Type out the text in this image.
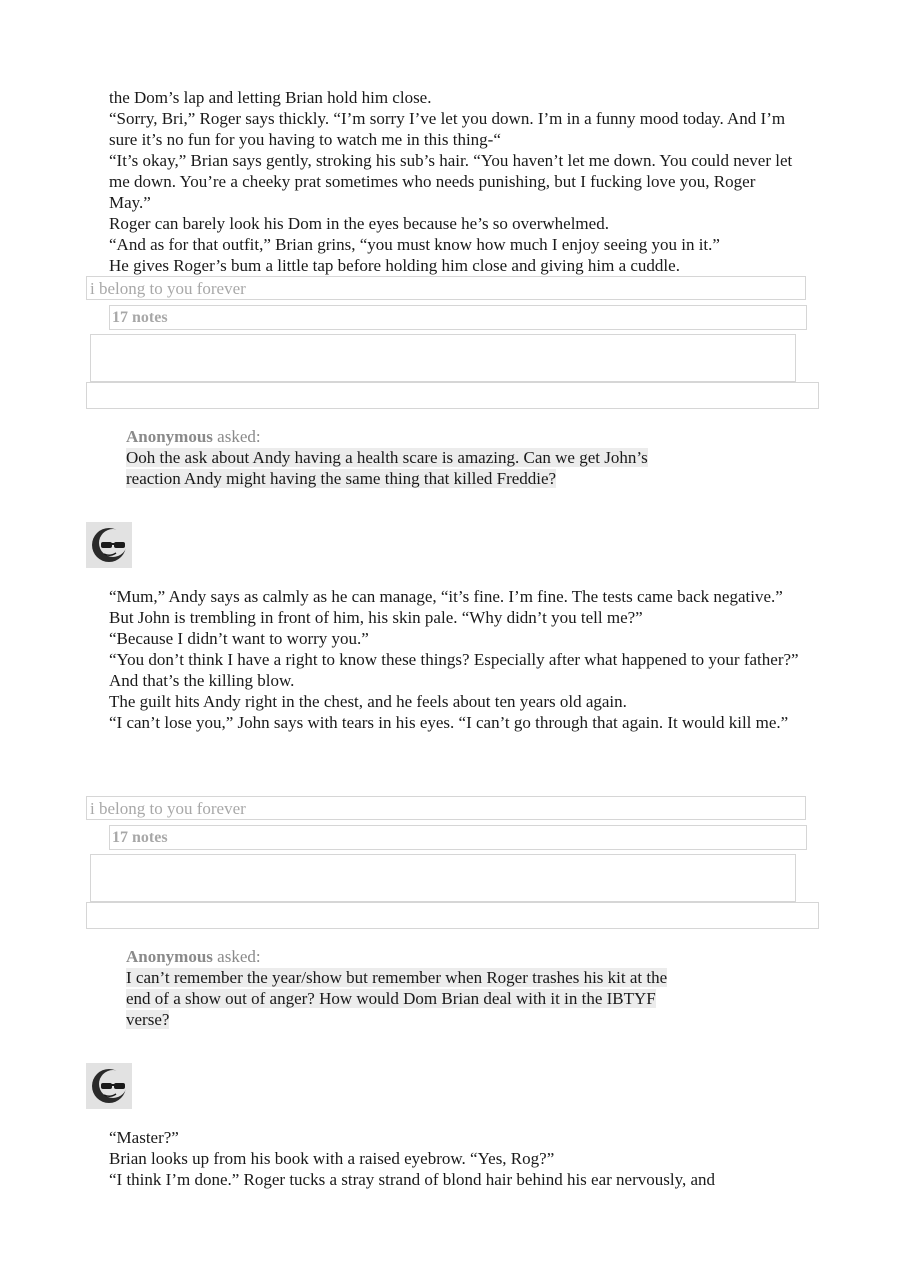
the Dom’s lap and letting Brian hold him close.

“Sorry, Bri,” Roger says thickly. “I’m sorry I’ve let you down. I’m in a funny mood today. And I’m sure it’s no fun for you having to watch me in this thing-“

“It’s okay,” Brian says gently, stroking his sub’s hair. “You haven’t let me down. You could never let me down. You’re a cheeky prat sometimes who needs punishing, but I fucking love you, Roger May.”

Roger can barely look his Dom in the eyes because he’s so overwhelmed.

“And as for that outfit,” Brian grins, “you must know how much I enjoy seeing you in it.”

He gives Roger’s bum a little tap before holding him close and giving him a cuddle.

i belong to you forever
17 notes
Anonymous asked:

Ooh the ask about Andy having a health scare is amazing. Can we get John’s
reaction Andy might having the same thing that killed Freddie?

“Mum,” Andy says as calmly as he can manage, “it’s fine. I’m fine. The tests came back negative.”

But John is trembling in front of him, his skin pale. “Why didn’t you tell me?”

“Because I didn’t want to worry you.”

“You don’t think I have a right to know these things? Especially after what happened to your father?”

And that’s the killing blow.

The guilt hits Andy right in the chest, and he feels about ten years old again.

“I can’t lose you,” John says with tears in his eyes. “I can’t go through that again. It would kill me.”

i belong to you forever
17 notes
Anonymous asked:

I can’t remember the year/show but remember when Roger trashes his kit at the
end of a show out of anger? How would Dom Brian deal with it in the IBTYF
verse?

“Master?”

Brian looks up from his book with a raised eyebrow. “Yes, Rog?”

“I think I’m done.” Roger tucks a stray strand of blond hair behind his ear nervously, and
